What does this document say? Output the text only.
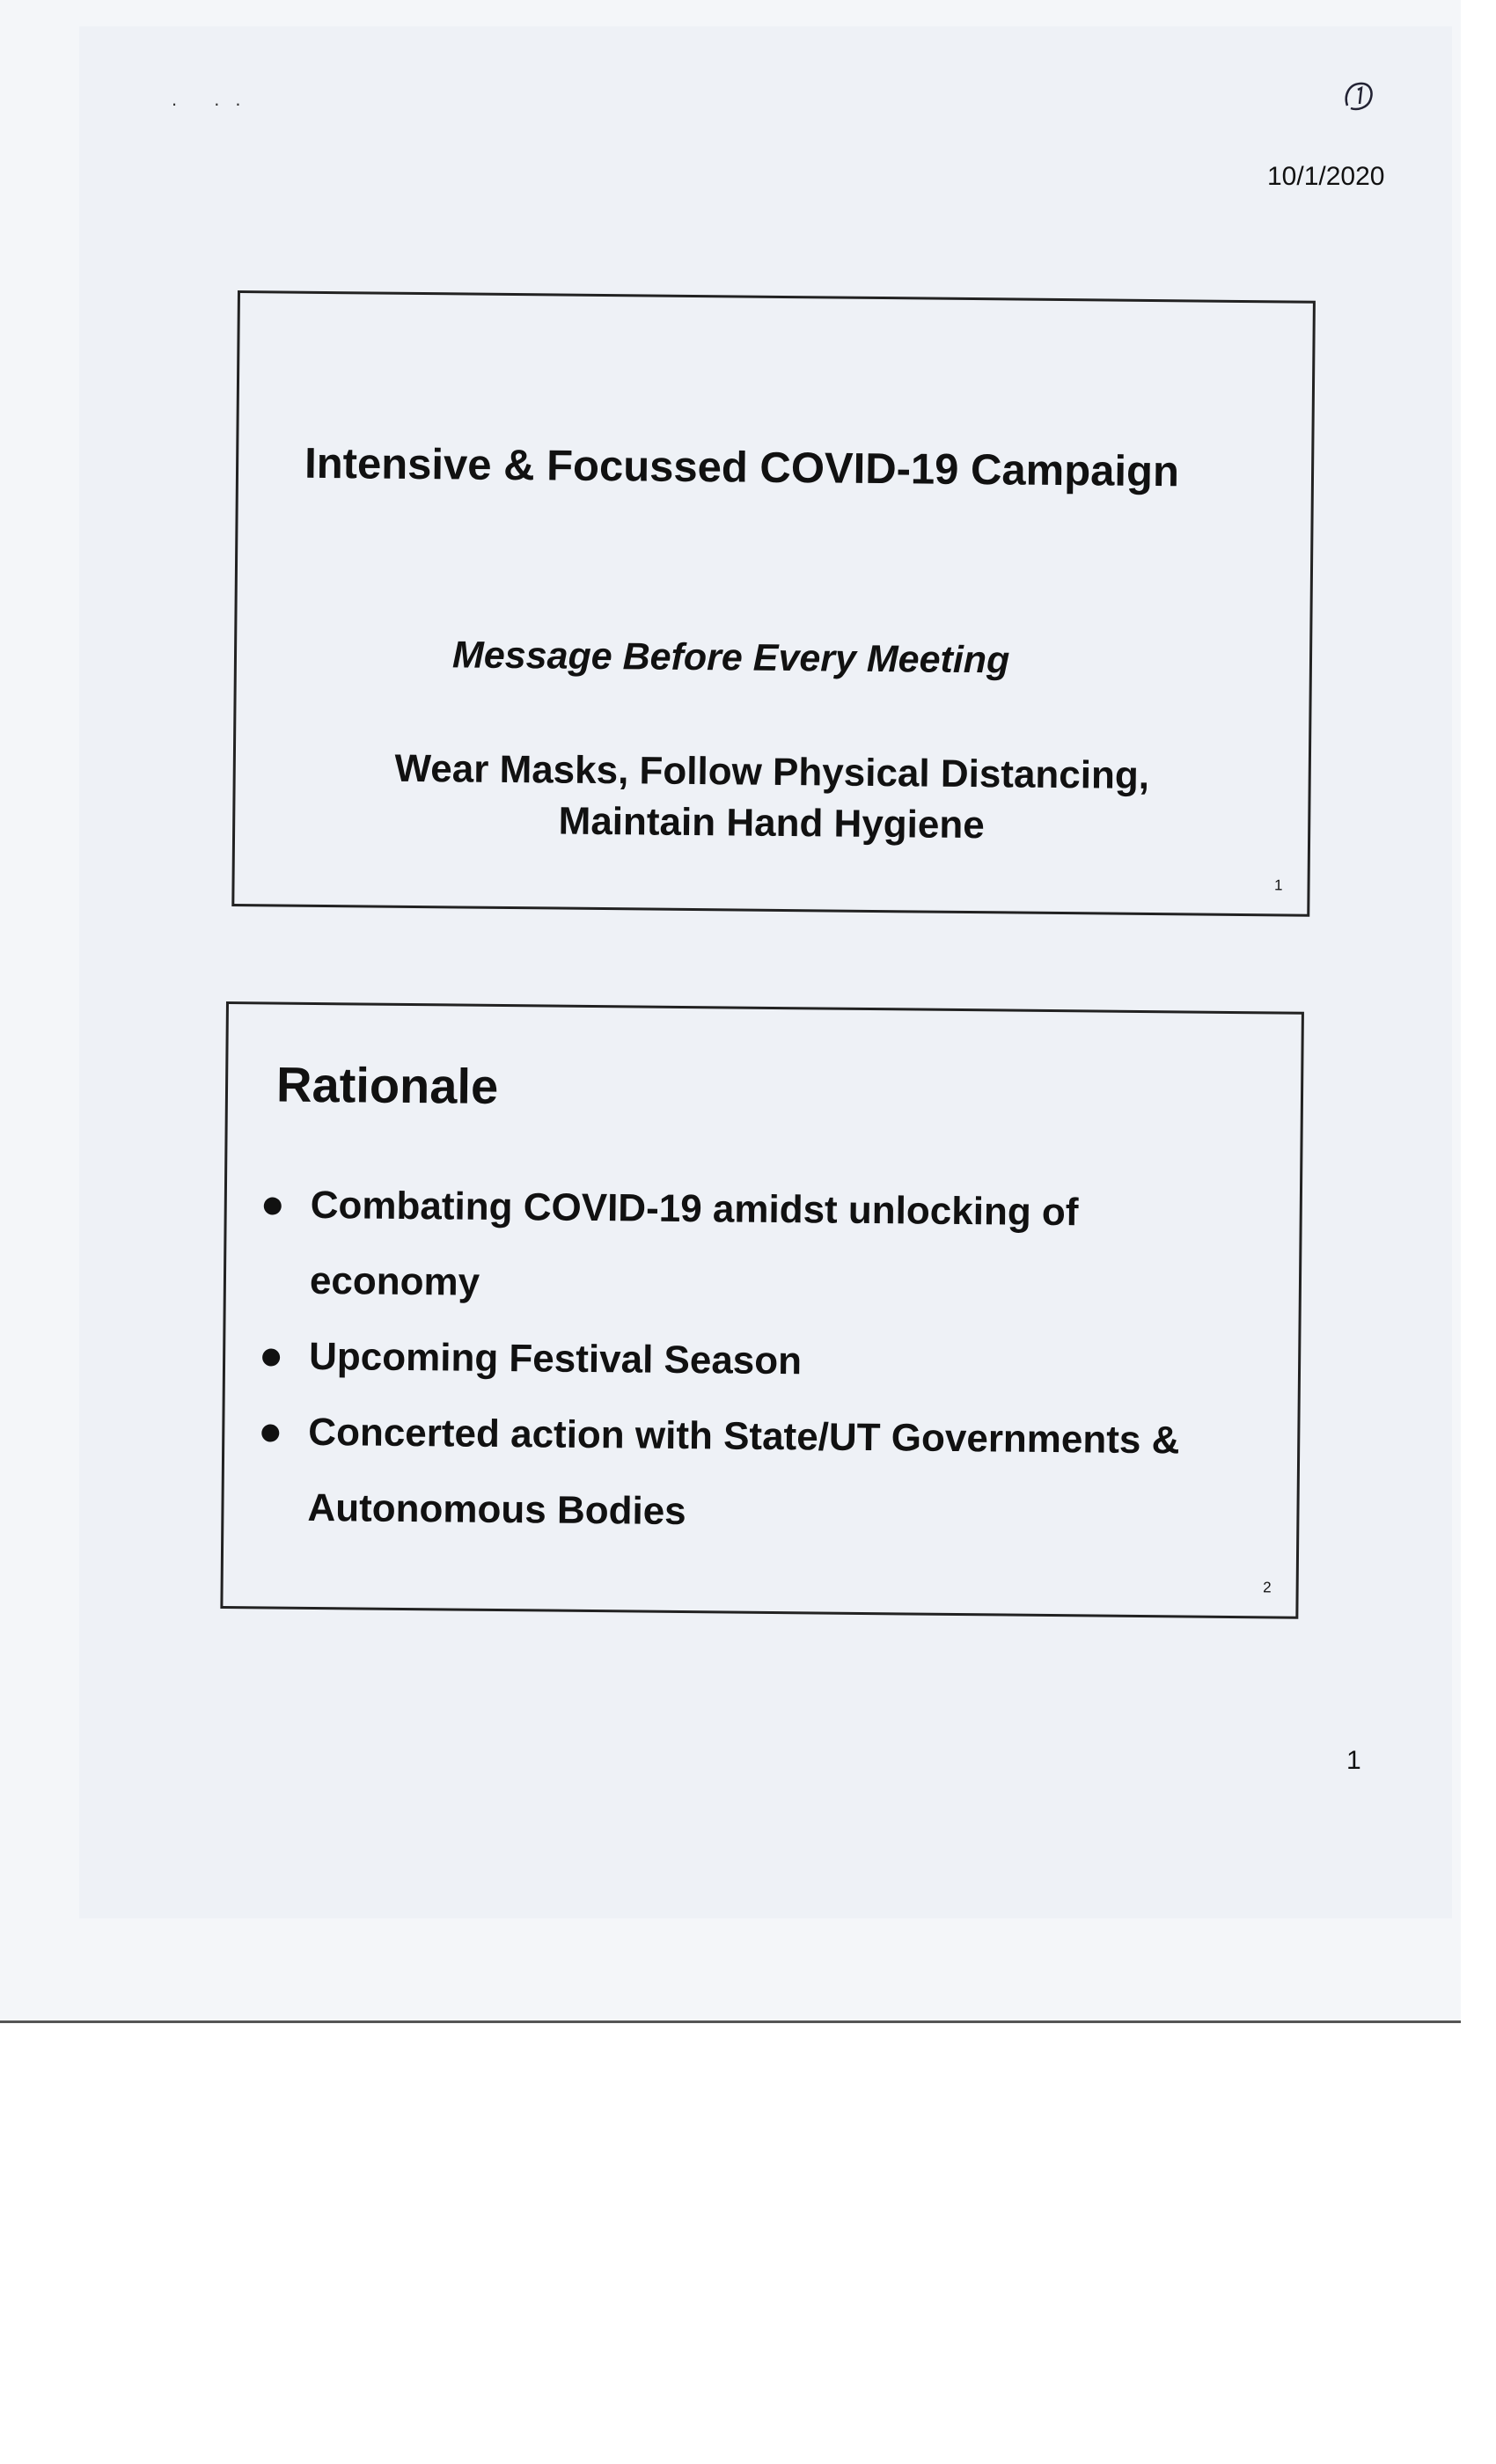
. ..
10/1/2020
Intensive & Focussed COVID-19 Campaign
Message Before Every Meeting
Wear Masks, Follow Physical Distancing,
Maintain Hand Hygiene
1
Rationale
Combating COVID-19 amidst unlocking of economy
Upcoming Festival Season
Concerted action with State/UT Governments & Autonomous Bodies
2
1
